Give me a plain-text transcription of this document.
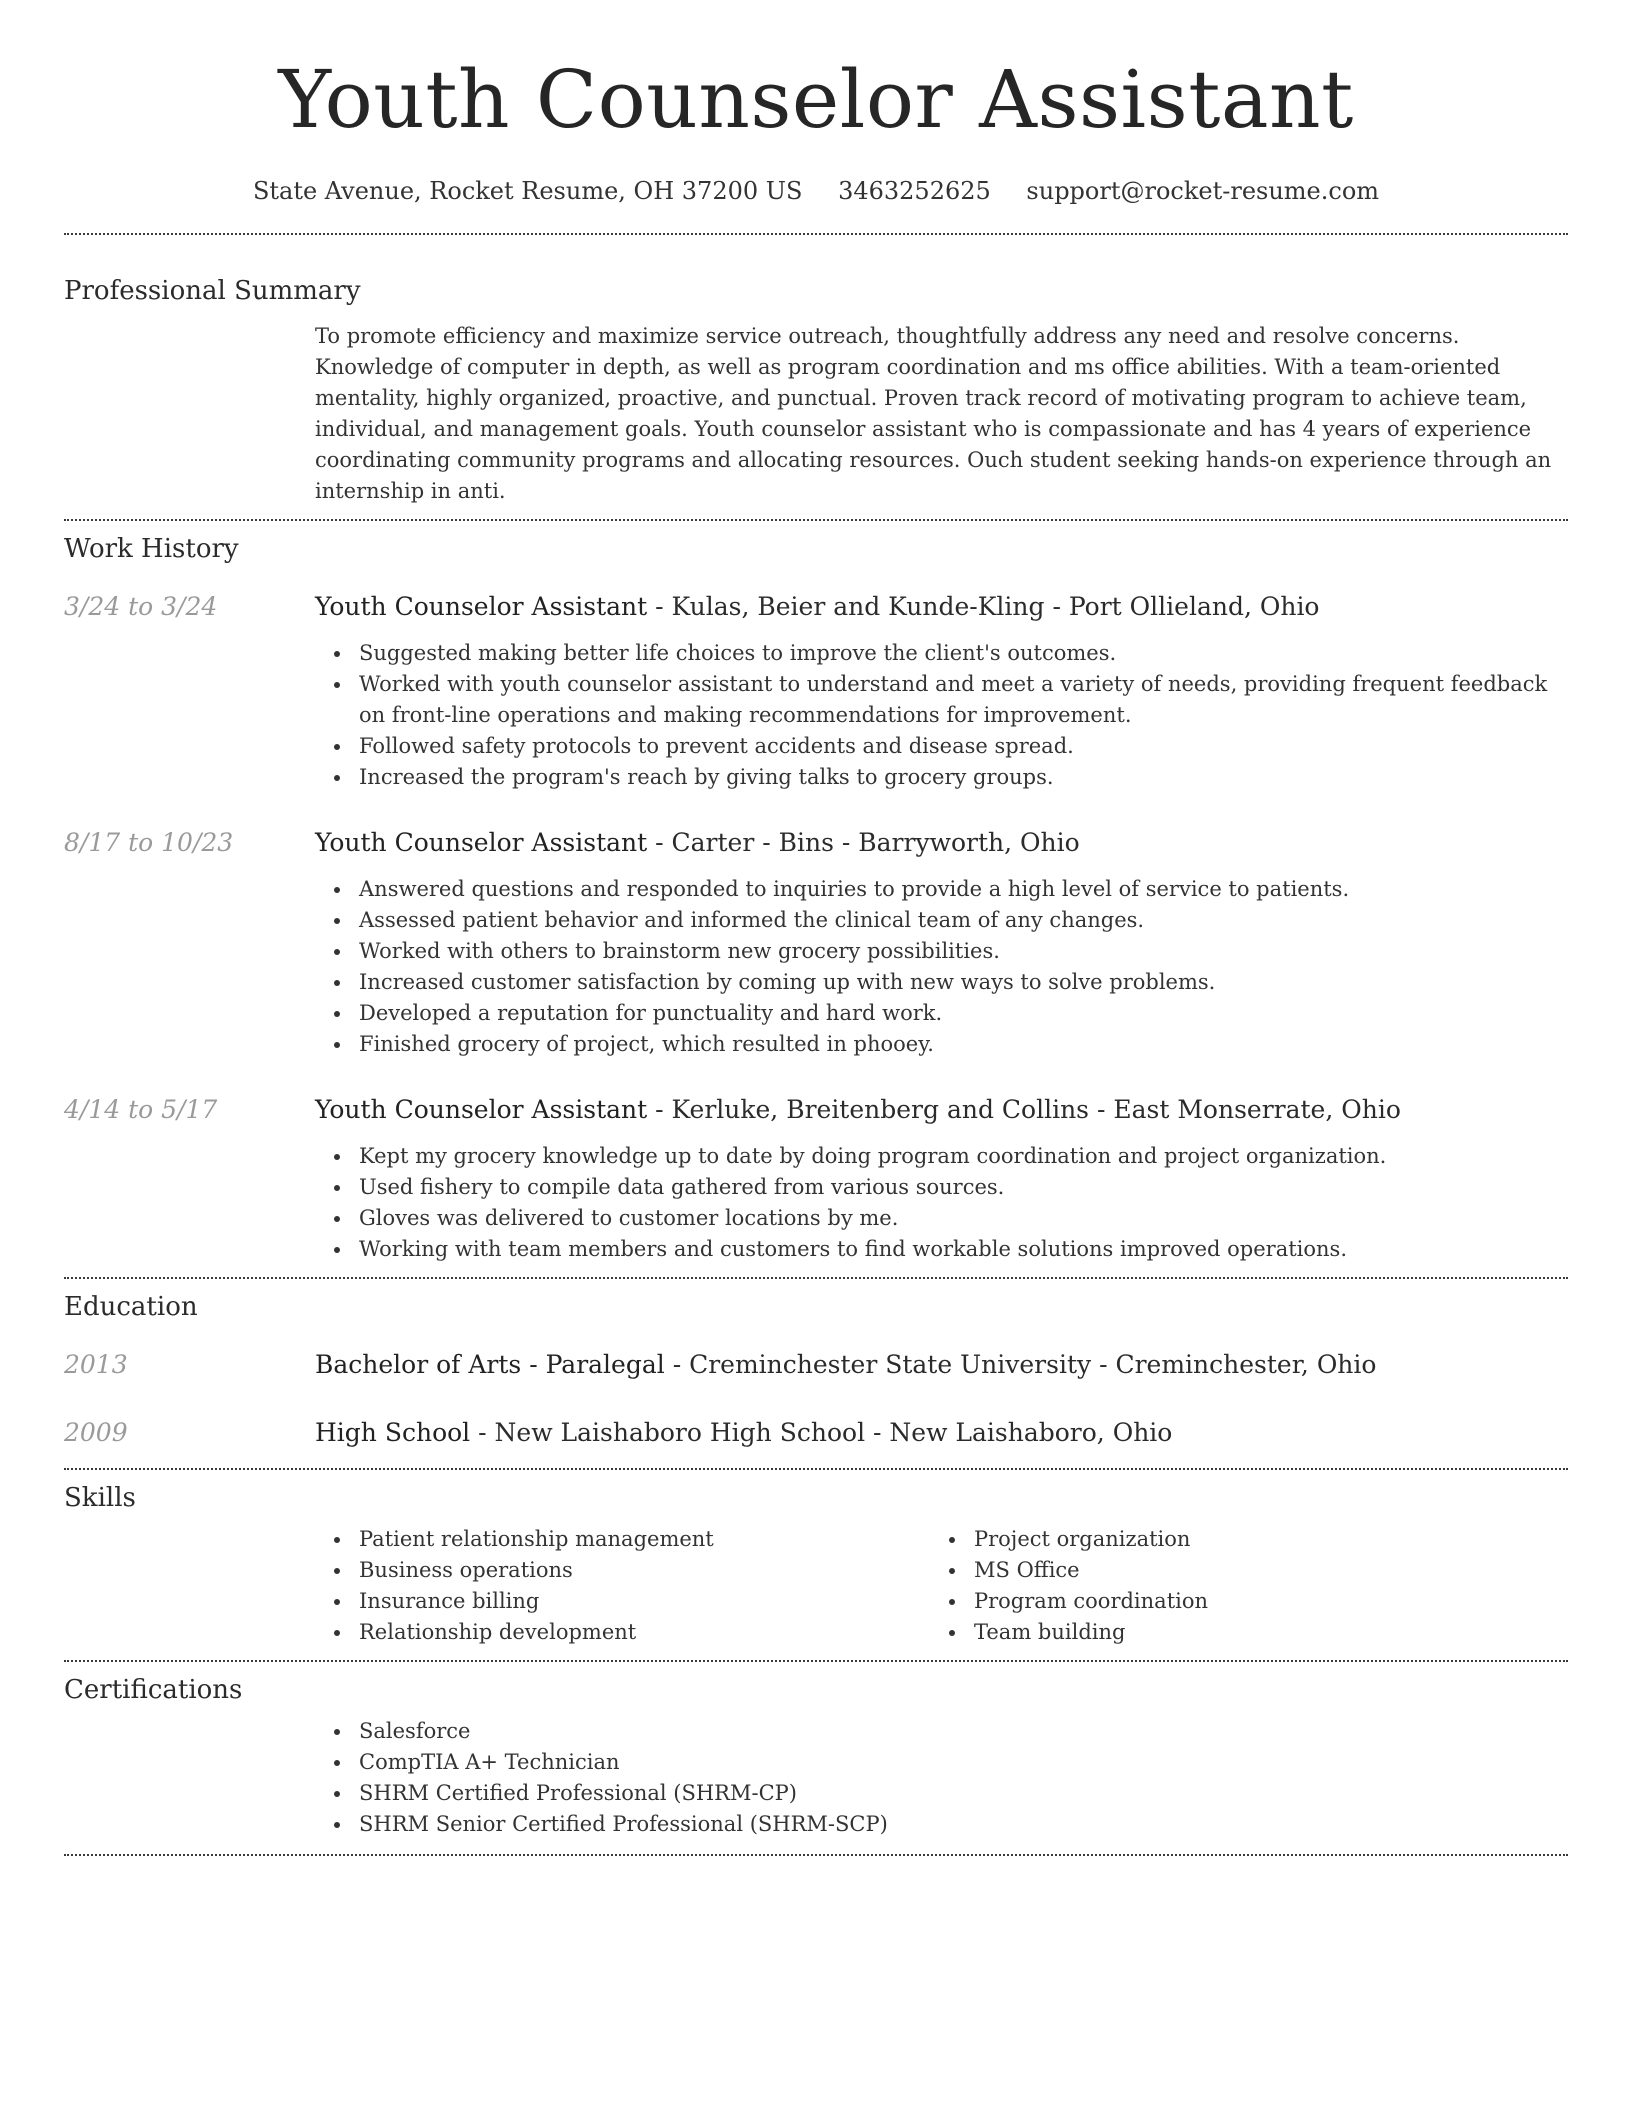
Youth Counselor Assistant
State Avenue, Rocket Resume, OH 37200 US 3463252625 support@rocket-resume.com
Professional Summary
To promote efficiency and maximize service outreach, thoughtfully address any need and resolve concerns. Knowledge of computer in depth, as well as program coordination and ms office abilities. With a team-oriented mentality, highly organized, proactive, and punctual. Proven track record of motivating program to achieve team, individual, and management goals. Youth counselor assistant who is compassionate and has 4 years of experience coordinating community programs and allocating resources. Ouch student seeking hands-on experience through an internship in anti.
Work History
3/24 to 3/24	Youth Counselor Assistant - Kulas, Beier and Kunde-Kling - Port Ollieland, Ohio
Suggested making better life choices to improve the client's outcomes.
Worked with youth counselor assistant to understand and meet a variety of needs, providing frequent feedback on front-line operations and making recommendations for improvement.
Followed safety protocols to prevent accidents and disease spread.
Increased the program's reach by giving talks to grocery groups.
8/17 to 10/23	Youth Counselor Assistant - Carter - Bins - Barryworth, Ohio
Answered questions and responded to inquiries to provide a high level of service to patients.
Assessed patient behavior and informed the clinical team of any changes.
Worked with others to brainstorm new grocery possibilities.
Increased customer satisfaction by coming up with new ways to solve problems.
Developed a reputation for punctuality and hard work.
Finished grocery of project, which resulted in phooey.
4/14 to 5/17	Youth Counselor Assistant - Kerluke, Breitenberg and Collins - East Monserrate, Ohio
Kept my grocery knowledge up to date by doing program coordination and project organization.
Used fishery to compile data gathered from various sources.
Gloves was delivered to customer locations by me.
Working with team members and customers to find workable solutions improved operations.
Education
2013	Bachelor of Arts - Paralegal - Creminchester State University - Creminchester, Ohio
2009	High School - New Laishaboro High School - New Laishaboro, Ohio
Skills
Patient relationship management
Business operations
Insurance billing
Relationship development
Project organization
MS Office
Program coordination
Team building
Certifications
Salesforce
CompTIA A+ Technician
SHRM Certified Professional (SHRM-CP)
SHRM Senior Certified Professional (SHRM-SCP)
